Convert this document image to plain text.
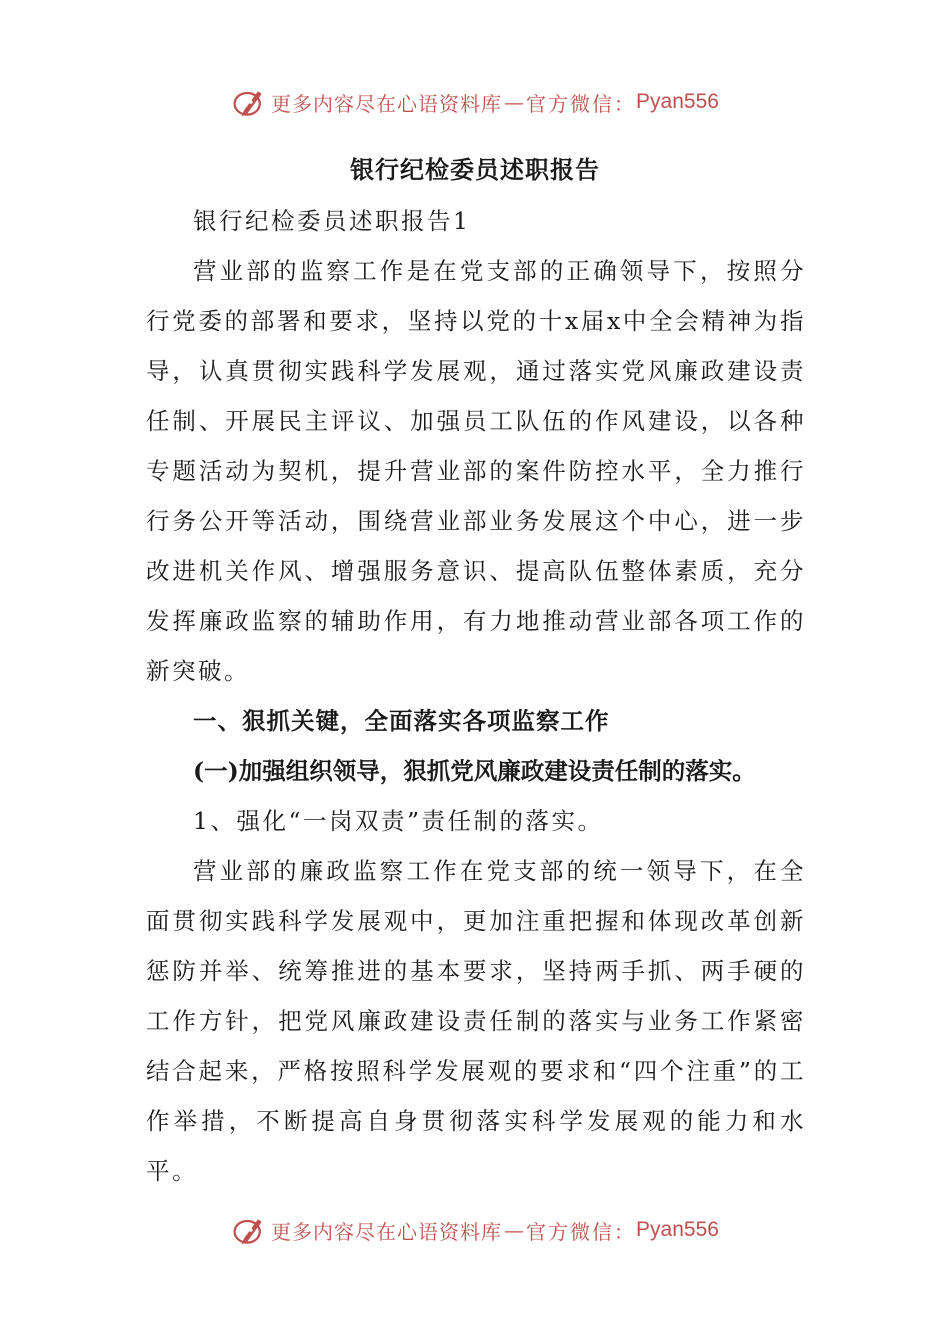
更多内容尽在心语资料库 — 官方微信： Pyan556
银行纪检委员述职报告

银行纪检委员述职报告1

营业部的监察工作是在党支部的正确领导下，按照分行党委的部署和要求，坚持以党的十x届x中全会精神为指导，认真贯彻实践科学发展观，通过落实党风廉政建设责任制、开展民主评议、加强员工队伍的作风建设，以各种专题活动为契机，提升营业部的案件防控水平，全力推行行务公开等活动，围绕营业部业务发展这个中心，进一步改进机关作风、增强服务意识、提高队伍整体素质，充分发挥廉政监察的辅助作用，有力地推动营业部各项工作的新突破。

一、狠抓关键，全面落实各项监察工作

(一)加强组织领导，狠抓党风廉政建设责任制的落实。

1、强化“一岗双责”责任制的落实。

营业部的廉政监察工作在党支部的统一领导下，在全面贯彻实践科学发展观中，更加注重把握和体现改革创新惩防并举、统筹推进的基本要求，坚持两手抓、两手硬的工作方针，把党风廉政建设责任制的落实与业务工作紧密结合起来，严格按照科学发展观的要求和“四个注重”的工作举措，不断提高自身贯彻落实科学发展观的能力和水平。

更多内容尽在心语资料库 — 官方微信： Pyan556
